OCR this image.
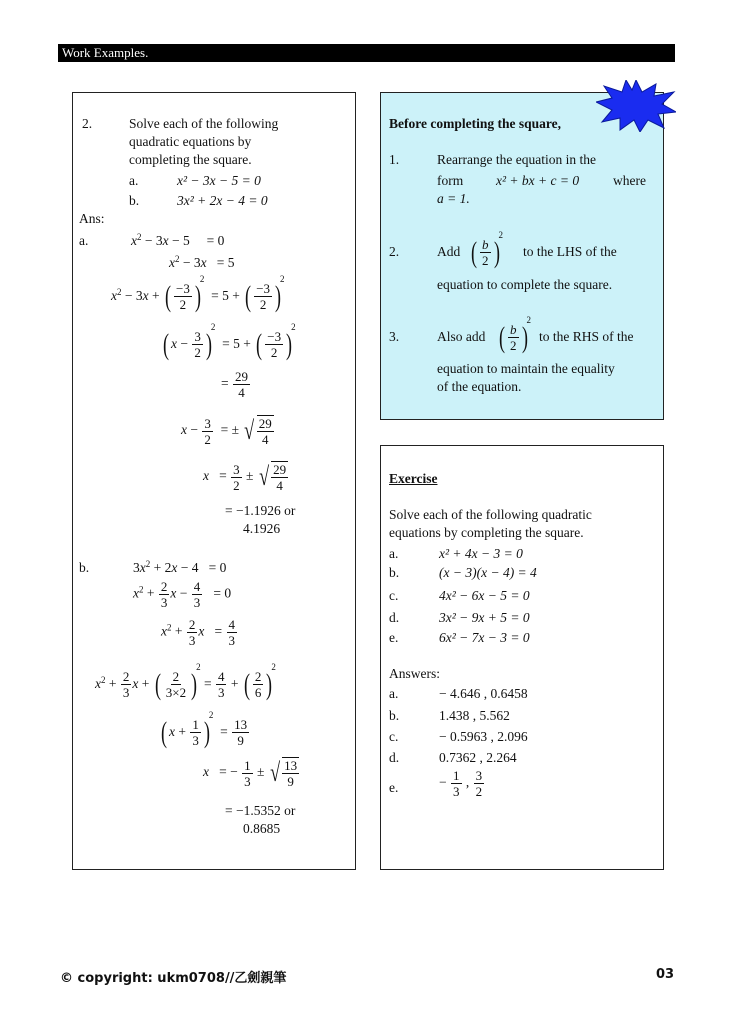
Work Examples.
2.	Solve each of the following
quadratic equations by
completing the square.
a.	x² − 3x − 5 = 0
b.	3x² + 2x − 4 = 0
Ans:
a.	$x^2 - 3x - 5$     = 0
$x^2 - 3x = 5$
$x^2 - 3x$ + ( $\frac{-3}{2} )2 = 5$ + ( $\frac{-3}{2} )2$
( $x - \frac{3}{2} )2 = 5$ + ( $\frac{-3}{2} )2$
= $\frac{29}{4}$
$x - \frac{3}{2}$ = ± √ $\frac{29}{4}$
$x = \frac{3}{2}$ ± √ $\frac{29}{4}$
= −1.1926 or
4.1926
b.	$3x^2 + 2x - 4 = 0$
$x^2 + \frac{2}{3}$ $x - \frac{4}{3} = 0$
$x^2 + \frac{2}{3}$ $x = \frac{4}{3}$
$x^2 + \frac{2}{3}$ x + ( $\frac{2}{3\times 2} )2 = \frac{4}{3}$ + ( $\frac{2}{6} )2$
( $x + \frac{1}{3} )2 = \frac{13}{9}$
x   = − $\frac{1}{3}$ ± √ $\frac{13}{9}$
= −1.5352 or
0.8685
Before completing the square,
1.	Rearrange the equation in the
form x² + bx + c = 0	where
a = 1.
2.	Add ( $\frac{b}{2} )2$
to the LHS of the
equation to complete the square.
3.	Also add ( $\frac{b}{2} )2$
to the RHS of the
equation to maintain the equality
of the equation.
Exercise
Solve each of the following quadratic
equations by completing the square.
a.	x² + 4x − 3 = 0
b.	(x − 3)(x − 4) = 4
c.	4x² − 6x − 5 = 0
d.	3x² − 9x + 5 = 0
e.	6x² − 7x − 3 = 0
Answers:
a.	− 4.646 , 0.6458
b.	1.438 , 5.562
c.	− 0.5963 , 2.096
d.	0.7362 , 2.264
e.	− $\frac{1}{3}$ , $\frac{3}{2}$
© copyright: ukm0708//乙劍親筆	03
